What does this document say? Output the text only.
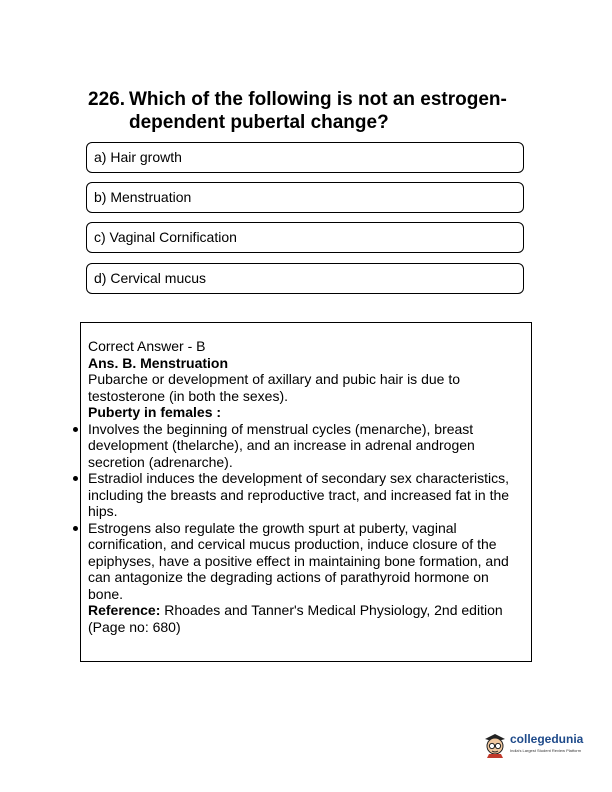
226. Which of the following is not an estrogen-dependent pubertal change?
a) Hair growth
b) Menstruation
c) Vaginal Cornification
d) Cervical mucus

Correct Answer - B

Ans. B. Menstruation

Pubarche or development of axillary and pubic hair is due to testosterone (in both the sexes).

Puberty in females :

Involves the beginning of menstrual cycles (menarche), breast development (thelarche), and an increase in adrenal androgen secretion (adrenarche).
Estradiol induces the development of secondary sex characteristics, including the breasts and reproductive tract, and increased fat in the hips.
Estrogens also regulate the growth spurt at puberty, vaginal cornification, and cervical mucus production, induce closure of the epiphyses, have a positive effect in maintaining bone formation, and can antagonize the degrading actions of parathyroid hormone on bone.

Reference: Rhoades and Tanner's Medical Physiology, 2nd edition (Page no: 680)

collegedunia
India's Largest Student Review Platform
